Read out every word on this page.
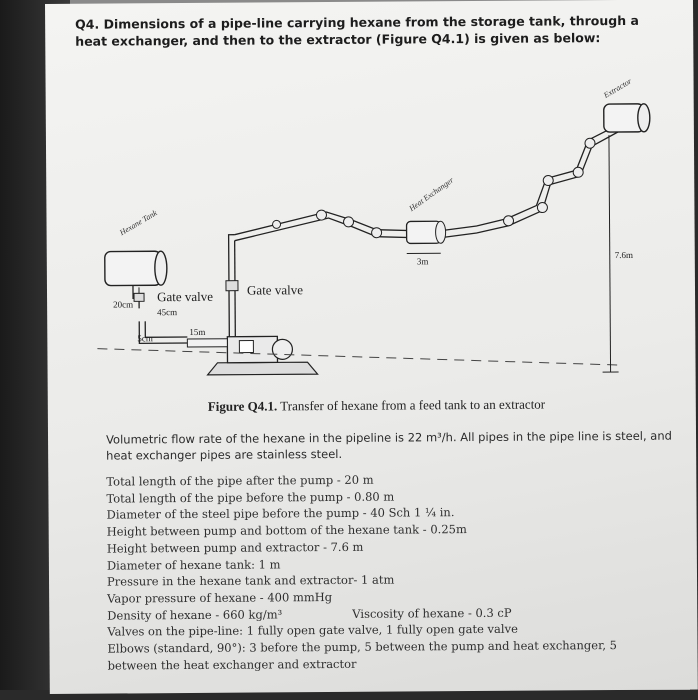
Q4. Dimensions of a pipe-line carrying hexane from the storage tank, through a heat exchanger, and then to the extractor (Figure Q4.1) is given as below:
Hexane Tank
Gate valve
20cm
45cm
5cm
15m
Gate valve
Heat Exchanger
3m
Extractor
7.6m
Figure Q4.1. Transfer of hexane from a feed tank to an extractor
Volumetric flow rate of the hexane in the pipeline is 22 m³/h. All pipes in the pipe line is steel, and heat exchanger pipes are stainless steel.
Total length of the pipe after the pump - 20 m
Total length of the pipe before the pump - 0.80 m
Diameter of the steel pipe before the pump - 40 Sch 1 ¼ in.
Height between pump and bottom of the hexane tank - 0.25m
Height between pump and extractor - 7.6 m
Diameter of hexane tank: 1 m
Pressure in the hexane tank and extractor- 1 atm
Vapor pressure of hexane - 400 mmHg
Density of hexane - 660 kg/m³	Viscosity of hexane - 0.3 cP
Valves on the pipe-line: 1 fully open gate valve, 1 fully open gate valve
Elbows (standard, 90°): 3 before the pump, 5 between the pump and heat exchanger, 5
between the heat exchanger and extractor
